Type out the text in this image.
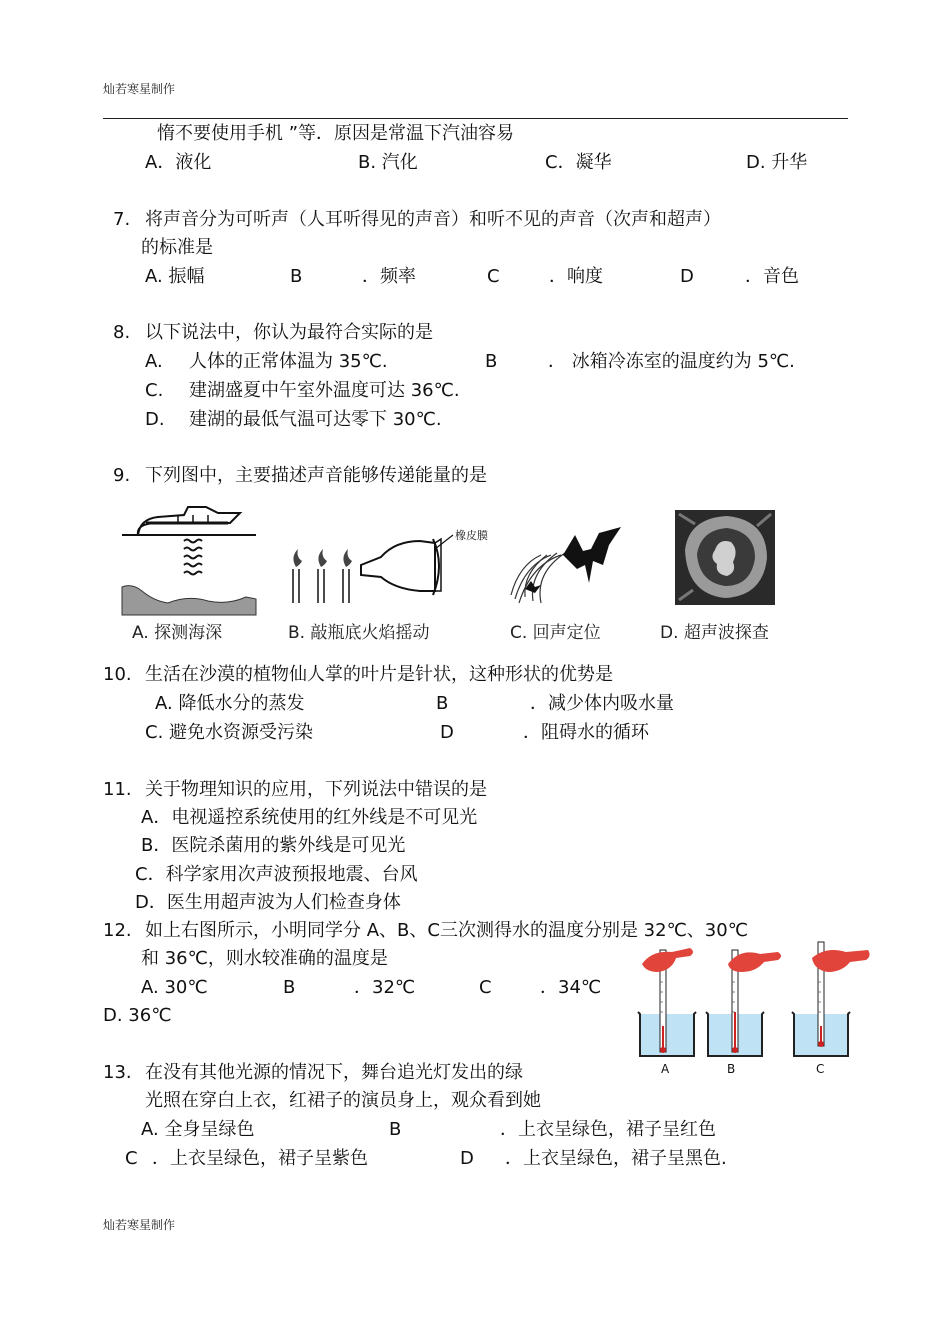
灿若寒星制作
惰不要使用手机 ”等．原因是常温下汽油容易
A．液化	B. 汽化	C．凝华	D. 升华
7. 将声音分为可听声（人耳听得见的声音）和听不见的声音（次声和超声）
的标准是
A. 振幅	B	．频率	C	．响度	D	．音色
8. 以下说法中，你认为最符合实际的是
A. 人体的正常体温为 35℃.	B	． 冰箱冷冻室的温度约为 5℃.
C. 建湖盛夏中午室外温度可达 36℃.
D. 建湖的最低气温可达零下 30℃.
9. 下列图中，主要描述声音能够传递能量的是
A. 探测海深
橡皮膜
B. 敲瓶底火焰摇动	C. 回声定位	D. 超声波探查
10. 生活在沙漠的植物仙人掌的叶片是针状，这种形状的优势是
A. 降低水分的蒸发	B	．减少体内吸水量
C. 避免水资源受污染	D	．阻碍水的循环
11. 关于物理知识的应用，下列说法中错误的是
A．电视遥控系统使用的红外线是不可见光
B．医院杀菌用的紫外线是可见光
C．科学家用次声波预报地震、台风
D．医生用超声波为人们检查身体
12. 如上右图所示，小明同学分 A、B、C三次测得水的温度分别是 32℃、30℃
和 36℃，则水较准确的温度是
A. 30℃	B	．32℃	C	．34℃
D. 36℃
A	B	C
13. 在没有其他光源的情况下，舞台追光灯发出的绿
光照在穿白上衣，红裙子的演员身上，观众看到她
A. 全身呈绿色	B	．上衣呈绿色，裙子呈红色
C ．上衣呈绿色，裙子呈紫色	D ．上衣呈绿色，裙子呈黑色.
灿若寒星制作
